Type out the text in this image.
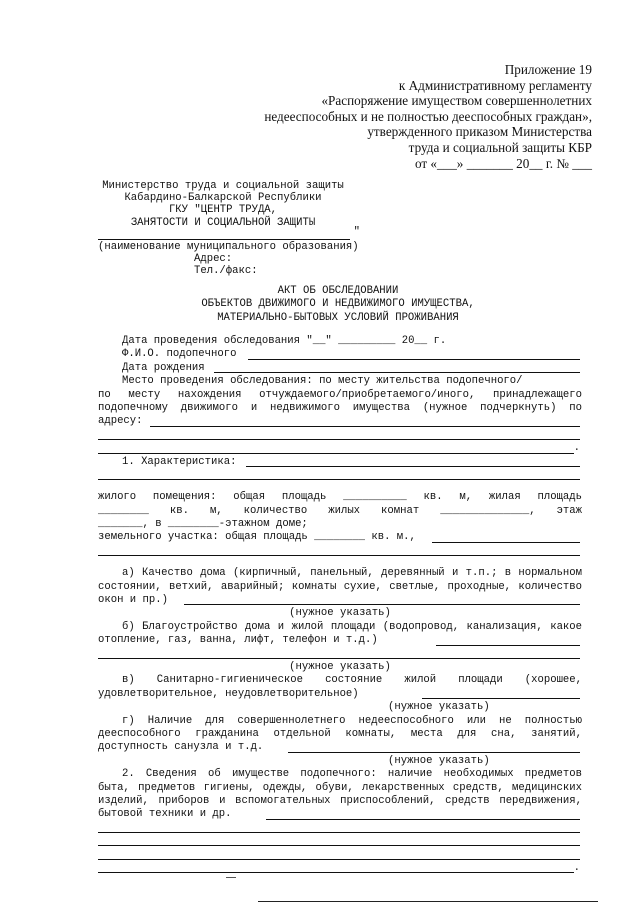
Приложение 19
к Административному регламенту
«Распоряжение имуществом совершеннолетних
недееспособных и не полностью дееспособных граждан»,
утвержденного приказом Министерства
труда и социальной защиты КБР
от «___» _______ 20__ г. № ___
Министерство труда и социальной защиты
Кабардино-Балкарской Республики
ГКУ "ЦЕНТР ТРУДА,
ЗАНЯТОСТИ И СОЦИАЛЬНОЙ ЗАЩИТЫ
"
(наименование муниципального образования)
Адрес:
Тел./факс:
АКТ ОБ ОБСЛЕДОВАНИИ
ОБЪЕКТОВ ДВИЖИМОГО И НЕДВИЖИМОГО ИМУЩЕСТВА,
МАТЕРИАЛЬНО-БЫТОВЫХ УСЛОВИЙ ПРОЖИВАНИЯ
Дата проведения обследования "__" _________ 20__ г.
Ф.И.О. подопечного
Дата рождения
Место проведения обследования: по месту жительства подопечного/
по месту нахождения отчуждаемого/приобретаемого/иного, принадлежащего
подопечному движимого и недвижимого имущества (нужное подчеркнуть) по
адресу:
.
1. Характеристика:
жилого помещения: общая площадь __________ кв. м, жилая площадь
________ кв. м, количество жилых комнат ______________, этаж
_______, в ________-этажном доме;
земельного участка: общая площадь ________ кв. м.,
а) Качество дома (кирпичный, панельный, деревянный и т.п.; в нормальном
состоянии, ветхий, аварийный; комнаты сухие, светлые, проходные, количество
окон и пр.)
(нужное указать)
б) Благоустройство дома и жилой площади (водопровод, канализация, какое
отопление, газ, ванна, лифт, телефон и т.д.)
(нужное указать)
в) Санитарно-гигиеническое состояние жилой площади (хорошее,
удовлетворительное, неудовлетворительное)
(нужное указать)
г) Наличие для совершеннолетнего недееспособного или не полностью
дееспособного гражданина отдельной комнаты, места для сна, занятий,
доступность санузла и т.д.
(нужное указать)
2. Сведения об имуществе подопечного: наличие необходимых предметов
быта, предметов гигиены, одежды, обуви, лекарственных средств, медицинских
изделий, приборов и вспомогательных приспособлений, средств передвижения,
бытовой техники и др.
.
